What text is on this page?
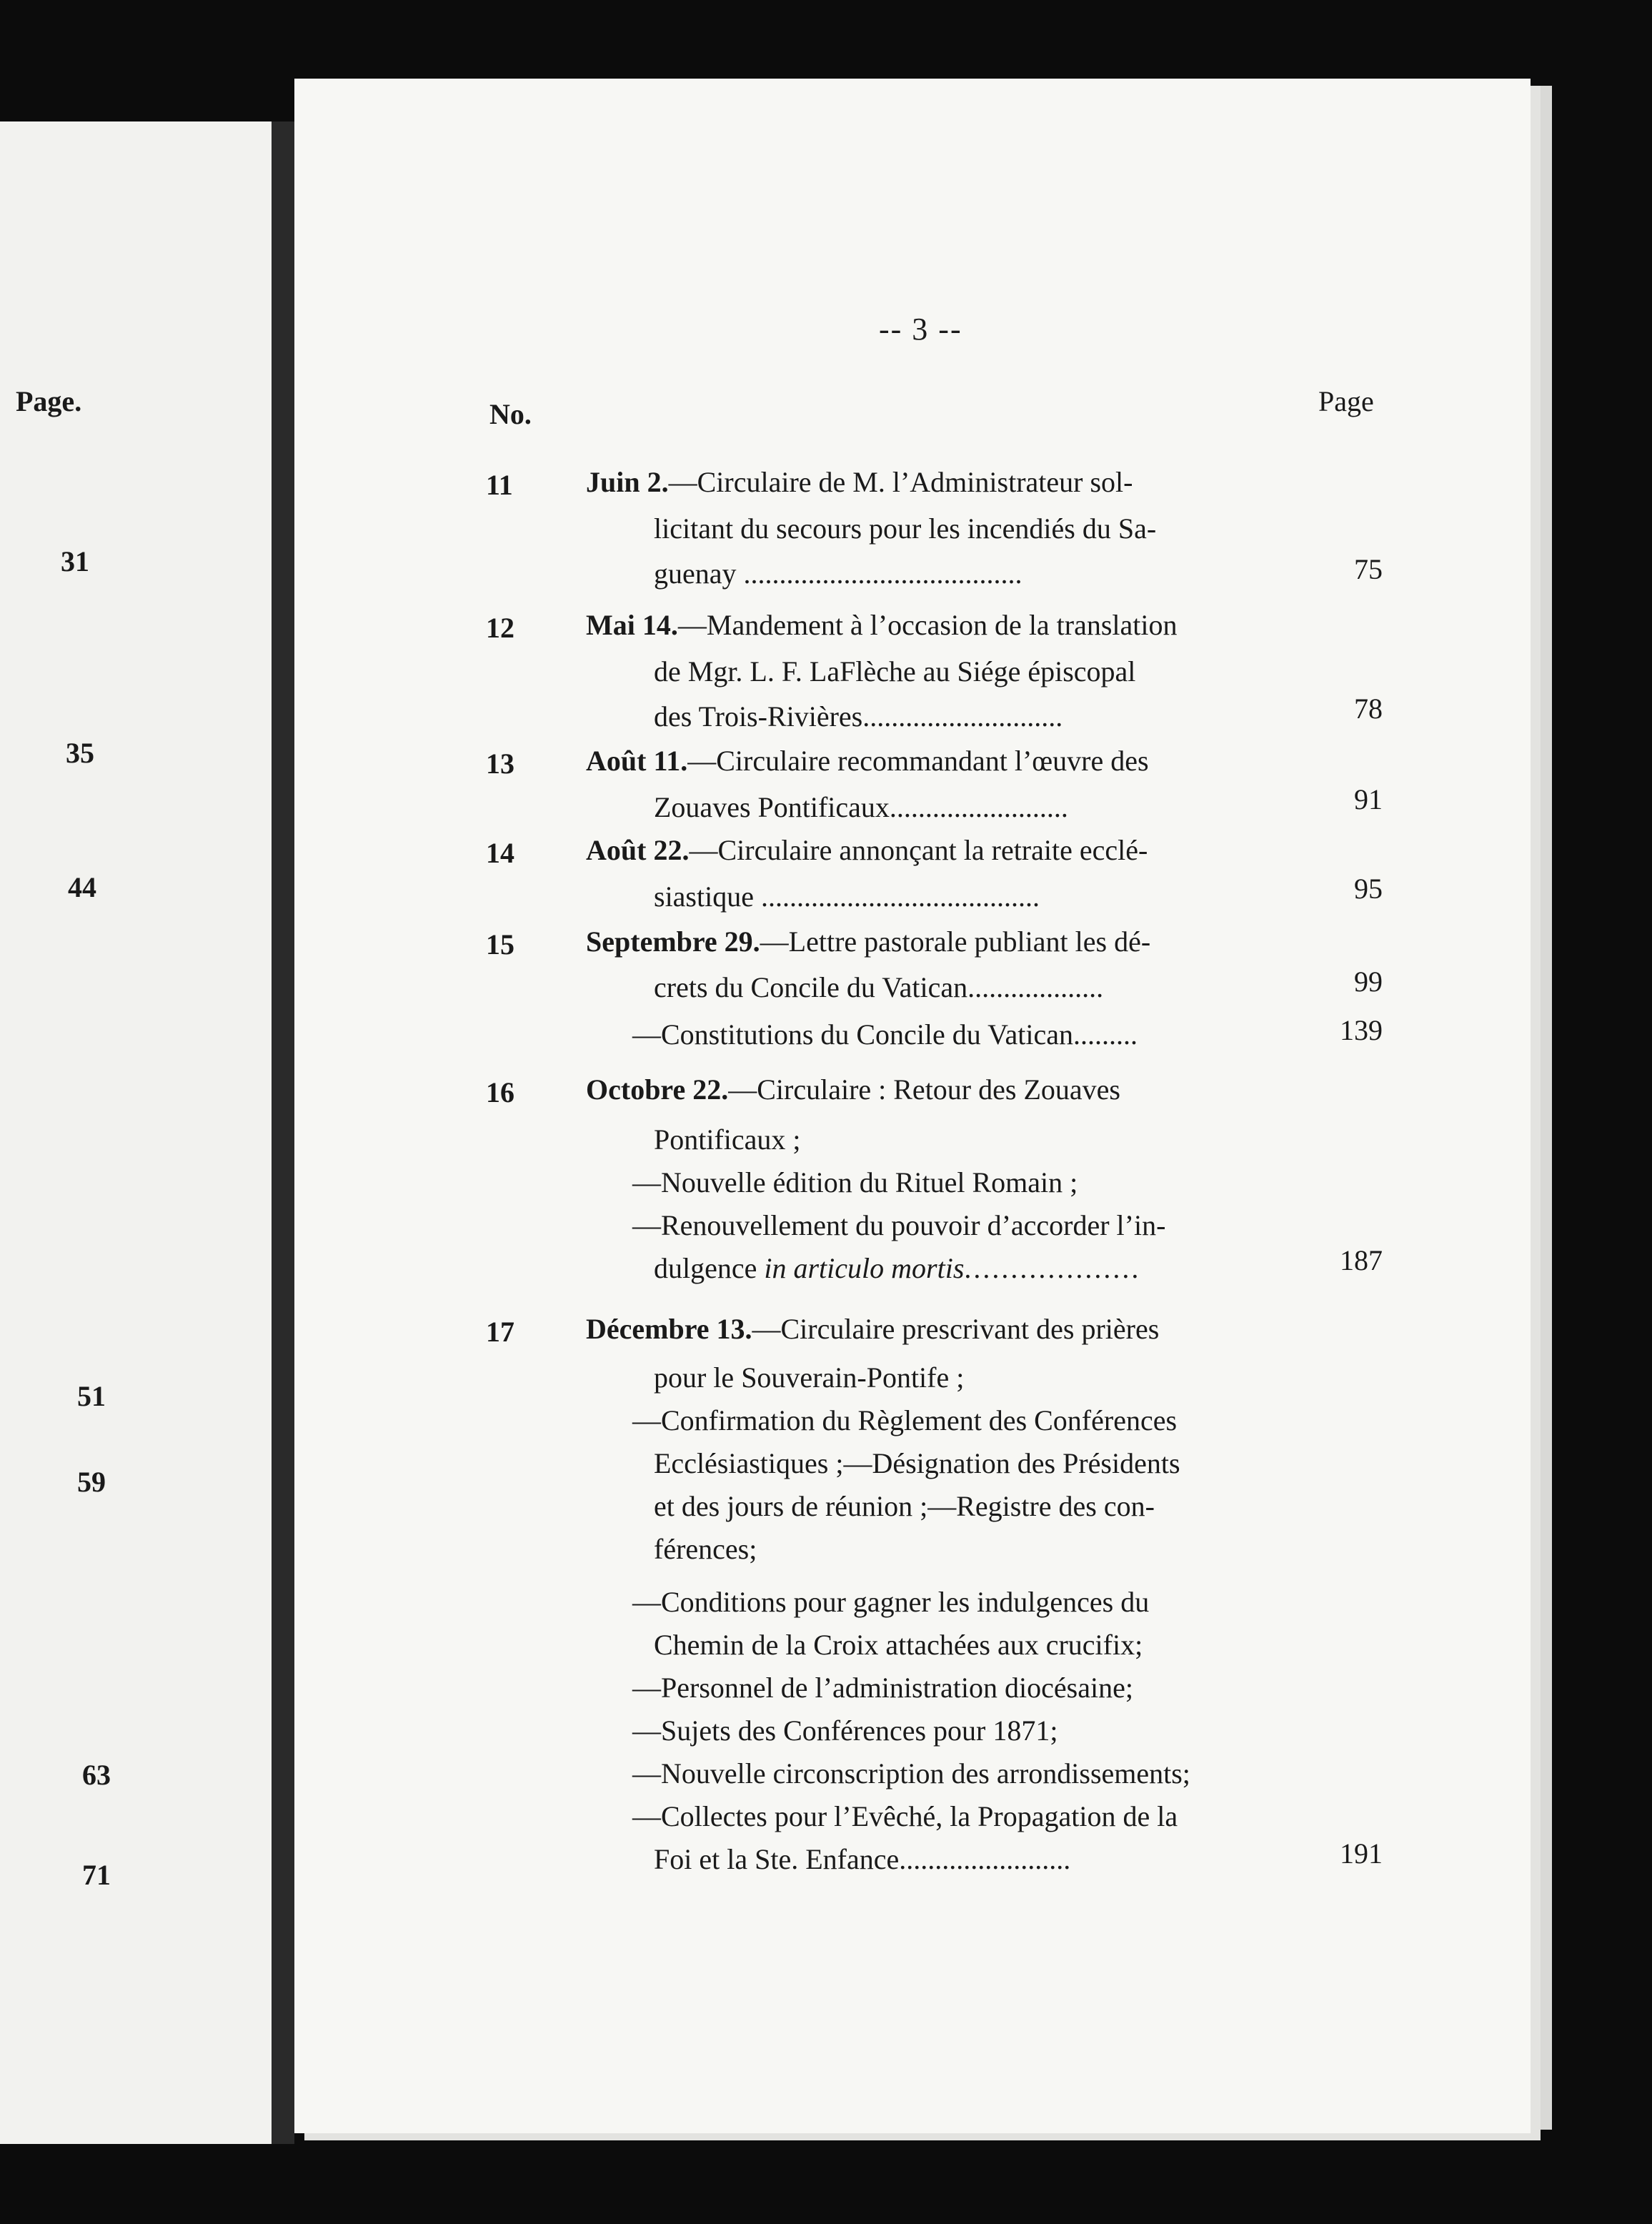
Page.
31
35
44
51
59
63
71
-- 3 --
No.	Page
11	Juin 2.—Circulaire de M. l’Administrateur sol-
licitant du secours pour les incendiés du Sa-
guenay .......................................	75
12	Mai 14.—Mandement à l’occasion de la translation
de Mgr. L. F. LaFlèche au Siége épiscopal
des Trois-Rivières............................	78
13	Août 11.—Circulaire recommandant l’œuvre des
Zouaves Pontificaux.........................	91
14	Août 22.—Circulaire annonçant la retraite ecclé-
siastique .......................................	95
15	Septembre 29.—Lettre pastorale publiant les dé-
crets du Concile du Vatican...................	99
—Constitutions du Concile du Vatican.........	139
16	Octobre 22.—Circulaire : Retour des Zouaves
Pontificaux ;
—Nouvelle édition du Rituel Romain ;
—Renouvellement du pouvoir d’accorder l’in-
dulgence in articulo mortis...................	187
17	Décembre 13.—Circulaire prescrivant des prières
pour le Souverain-Pontife ;
—Confirmation du Règlement des Conférences
Ecclésiastiques ;—Désignation des Présidents
et des jours de réunion ;—Registre des con-
férences;
—Conditions pour gagner les indulgences du
Chemin de la Croix attachées aux crucifix;
—Personnel de l’administration diocésaine;
—Sujets des Conférences pour 1871;
—Nouvelle circonscription des arrondissements;
—Collectes pour l’Evêché, la Propagation de la
Foi et la Ste. Enfance........................	191
